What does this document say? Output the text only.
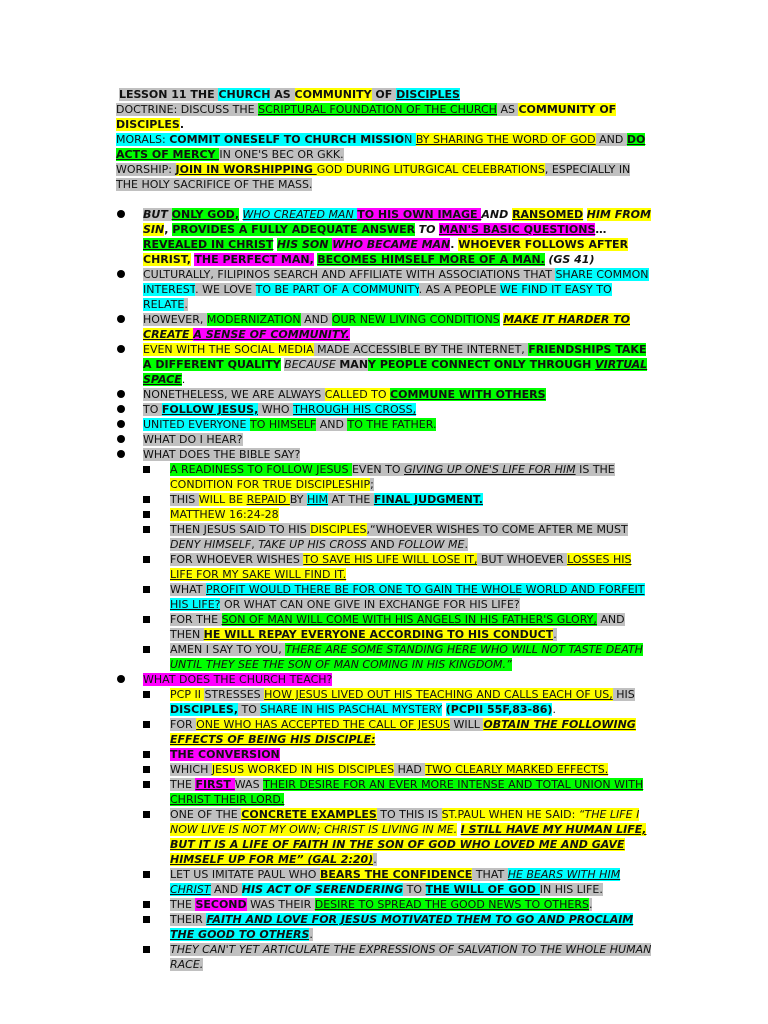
LESSON 11 THE CHURCH AS COMMUNITY OF DISCIPLES
DOCTRINE: DISCUSS THE SCRIPTURAL FOUNDATION OF THE CHURCH AS COMMUNITY OF DISCIPLES.
MORALS: COMMIT ONESELF TO CHURCH MISSION BY SHARING THE WORD OF GOD AND DO ACTS OF MERCY IN ONE'S BEC OR GKK.
WORSHIP: JOIN IN WORSHIPPING GOD DURING LITURGICAL CELEBRATIONS, ESPECIALLY IN THE HOLY SACRIFICE OF THE MASS.
BUT ONLY GOD, WHO CREATED MAN TO HIS OWN IMAGE AND RANSOMED HIM FROM SIN, PROVIDES A FULLY ADEQUATE ANSWER TO MAN'S BASIC QUESTIONS…REVEALED IN CHRIST HIS SON WHO BECAME MAN. WHOEVER FOLLOWS AFTER CHRIST, THE PERFECT MAN, BECOMES HIMSELF MORE OF A MAN. (GS 41)
CULTURALLY, FILIPINOS SEARCH AND AFFILIATE WITH ASSOCIATIONS THAT SHARE COMMON INTEREST. WE LOVE TO BE PART OF A COMMUNITY. AS A PEOPLE WE FIND IT EASY TO RELATE.
HOWEVER, MODERNIZATION AND OUR NEW LIVING CONDITIONS MAKE IT HARDER TO CREATE A SENSE OF COMMUNITY.
EVEN WITH THE SOCIAL MEDIA MADE ACCESSIBLE BY THE INTERNET, FRIENDSHIPS TAKE A DIFFERENT QUALITY BECAUSE MANY PEOPLE CONNECT ONLY THROUGH VIRTUAL SPACE.
NONETHELESS, WE ARE ALWAYS CALLED TO COMMUNE WITH OTHERS
TO FOLLOW JESUS, WHO THROUGH HIS CROSS,
UNITED EVERYONE TO HIMSELF AND TO THE FATHER.
WHAT DO I HEAR?
WHAT DOES THE BIBLE SAY?
A READINESS TO FOLLOW JESUS EVEN TO GIVING UP ONE'S LIFE FOR HIM IS THE CONDITION FOR TRUE DISCIPLESHIP;
THIS WILL BE REPAID BY HIM AT THE FINAL JUDGMENT.
MATTHEW 16:24-28
THEN JESUS SAID TO HIS DISCIPLES,“WHOEVER WISHES TO COME AFTER ME MUST DENY HIMSELF, TAKE UP HIS CROSS AND FOLLOW ME.
FOR WHOEVER WISHES TO SAVE HIS LIFE WILL LOSE IT, BUT WHOEVER LOSSES HIS LIFE FOR MY SAKE WILL FIND IT.
WHAT PROFIT WOULD THERE BE FOR ONE TO GAIN THE WHOLE WORLD AND FORFEIT HIS LIFE? OR WHAT CAN ONE GIVE IN EXCHANGE FOR HIS LIFE?
FOR THE SON OF MAN WILL COME WITH HIS ANGELS IN HIS FATHER'S GLORY, AND THEN HE WILL REPAY EVERYONE ACCORDING TO HIS CONDUCT.
AMEN I SAY TO YOU, THERE ARE SOME STANDING HERE WHO WILL NOT TASTE DEATH UNTIL THEY SEE THE SON OF MAN COMING IN HIS KINGDOM.”
WHAT DOES THE CHURCH TEACH?
PCP II STRESSES HOW JESUS LIVED OUT HIS TEACHING AND CALLS EACH OF US, HIS DISCIPLES, TO SHARE IN HIS PASCHAL MYSTERY (PCPII 55F,83-86).
FOR ONE WHO HAS ACCEPTED THE CALL OF JESUS WILL OBTAIN THE FOLLOWING EFFECTS OF BEING HIS DISCIPLE:
THE CONVERSION
WHICH JESUS WORKED IN HIS DISCIPLES HAD TWO CLEARLY MARKED EFFECTS.
THE FIRST WAS THEIR DESIRE FOR AN EVER MORE INTENSE AND TOTAL UNION WITH CHRIST THEIR LORD.
ONE OF THE CONCRETE EXAMPLES TO THIS IS ST.PAUL WHEN HE SAID: “THE LIFE I NOW LIVE IS NOT MY OWN; CHRIST IS LIVING IN ME. I STILL HAVE MY HUMAN LIFE, BUT IT IS A LIFE OF FAITH IN THE SON OF GOD WHO LOVED ME AND GAVE HIMSELF UP FOR ME” (GAL 2:20).
LET US IMITATE PAUL WHO BEARS THE CONFIDENCE THAT HE BEARS WITH HIM CHRIST AND HIS ACT OF SERENDERING TO THE WILL OF GOD IN HIS LIFE.
THE SECOND WAS THEIR DESIRE TO SPREAD THE GOOD NEWS TO OTHERS.
THEIR FAITH AND LOVE FOR JESUS MOTIVATED THEM TO GO AND PROCLAIM THE GOOD TO OTHERS.
THEY CAN'T YET ARTICULATE THE EXPRESSIONS OF SALVATION TO THE WHOLE HUMAN RACE.
